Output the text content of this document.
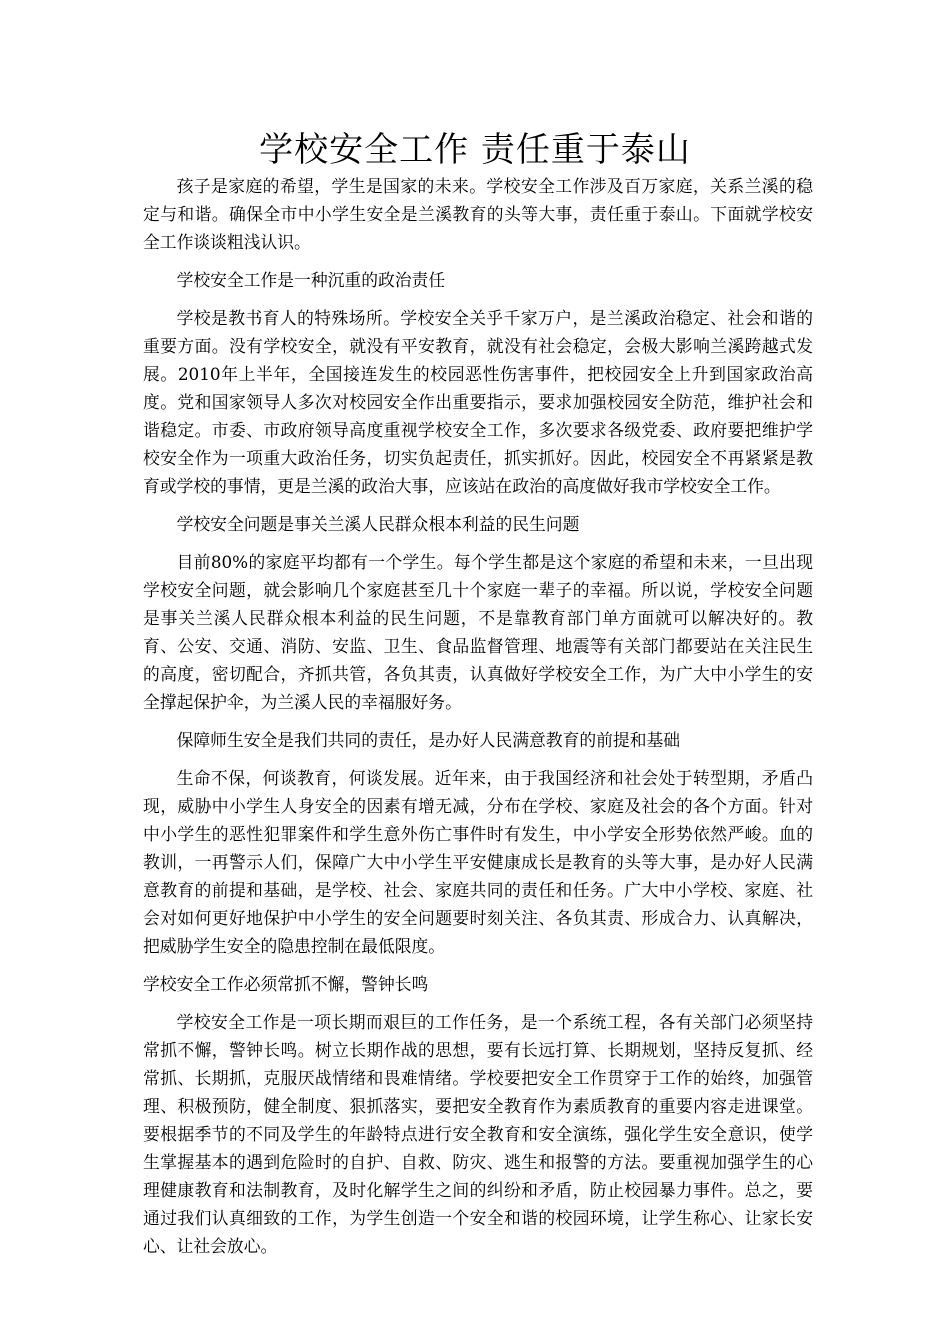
学校安全工作 责任重于泰山

孩子是家庭的希望，学生是国家的未来。学校安全工作涉及百万家庭，关系兰溪的稳定与和谐。确保全市中小学生安全是兰溪教育的头等大事，责任重于泰山。下面就学校安全工作谈谈粗浅认识。

学校安全工作是一种沉重的政治责任

学校是教书育人的特殊场所。学校安全关乎千家万户，是兰溪政治稳定、社会和谐的重要方面。没有学校安全，就没有平安教育，就没有社会稳定，会极大影响兰溪跨越式发展。2010年上半年，全国接连发生的校园恶性伤害事件，把校园安全上升到国家政治高度。党和国家领导人多次对校园安全作出重要指示，要求加强校园安全防范，维护社会和谐稳定。市委、市政府领导高度重视学校安全工作，多次要求各级党委、政府要把维护学校安全作为一项重大政治任务，切实负起责任，抓实抓好。因此，校园安全不再紧紧是教育或学校的事情，更是兰溪的政治大事，应该站在政治的高度做好我市学校安全工作。

学校安全问题是事关兰溪人民群众根本利益的民生问题

目前80%的家庭平均都有一个学生。每个学生都是这个家庭的希望和未来，一旦出现学校安全问题，就会影响几个家庭甚至几十个家庭一辈子的幸福。所以说，学校安全问题是事关兰溪人民群众根本利益的民生问题，不是靠教育部门单方面就可以解决好的。教育、公安、交通、消防、安监、卫生、食品监督管理、地震等有关部门都要站在关注民生的高度，密切配合，齐抓共管，各负其责，认真做好学校安全工作，为广大中小学生的安全撑起保护伞，为兰溪人民的幸福服好务。

保障师生安全是我们共同的责任，是办好人民满意教育的前提和基础

生命不保，何谈教育，何谈发展。近年来，由于我国经济和社会处于转型期，矛盾凸现，威胁中小学生人身安全的因素有增无减，分布在学校、家庭及社会的各个方面。针对中小学生的恶性犯罪案件和学生意外伤亡事件时有发生，中小学安全形势依然严峻。血的教训，一再警示人们，保障广大中小学生平安健康成长是教育的头等大事，是办好人民满意教育的前提和基础，是学校、社会、家庭共同的责任和任务。广大中小学校、家庭、社会对如何更好地保护中小学生的安全问题要时刻关注、各负其责、形成合力、认真解决，把威胁学生安全的隐患控制在最低限度。

学校安全工作必须常抓不懈，警钟长鸣

学校安全工作是一项长期而艰巨的工作任务，是一个系统工程，各有关部门必须坚持常抓不懈，警钟长鸣。树立长期作战的思想，要有长远打算、长期规划，坚持反复抓、经常抓、长期抓，克服厌战情绪和畏难情绪。学校要把安全工作贯穿于工作的始终，加强管理、积极预防，健全制度、狠抓落实，要把安全教育作为素质教育的重要内容走进课堂。要根据季节的不同及学生的年龄特点进行安全教育和安全演练，强化学生安全意识，使学生掌握基本的遇到危险时的自护、自救、防灾、逃生和报警的方法。要重视加强学生的心理健康教育和法制教育，及时化解学生之间的纠纷和矛盾，防止校园暴力事件。总之，要通过我们认真细致的工作，为学生创造一个安全和谐的校园环境，让学生称心、让家长安心、让社会放心。
